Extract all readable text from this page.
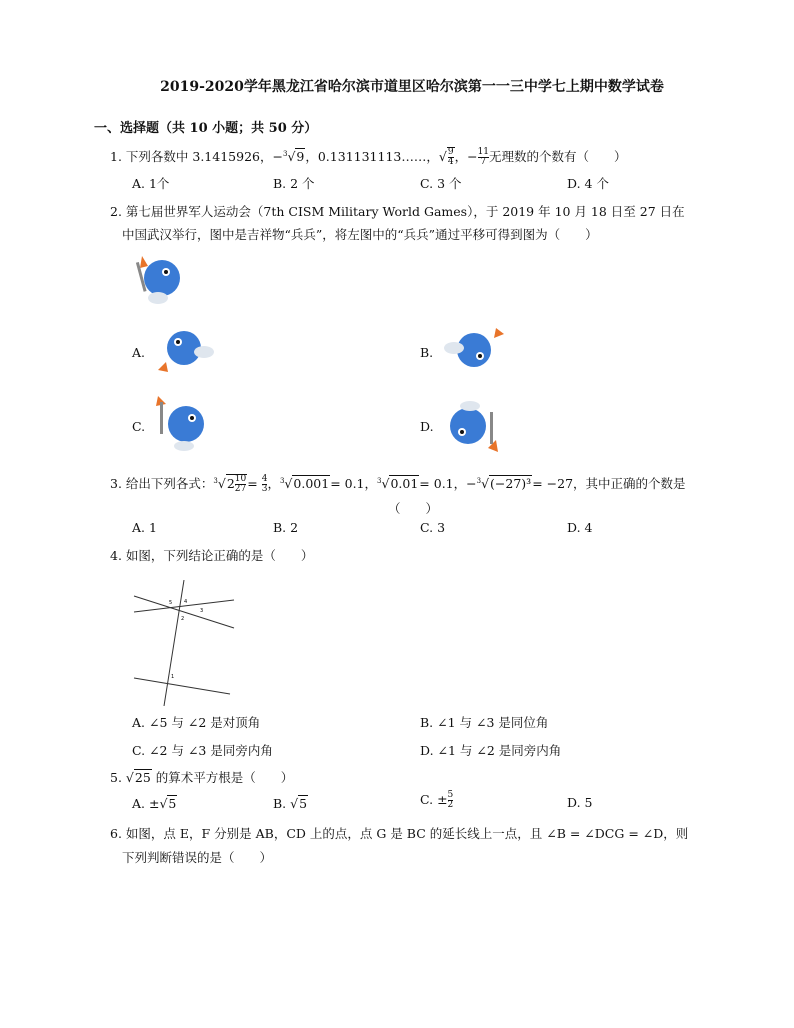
2019-2020学年黑龙江省哈尔滨市道里区哈尔滨第一一三中学七上期中数学试卷
一、选择题（共 10 小题；共 50 分）
1. 下列各数中 3.1415926，−$^3$√9，0.131131113……，√ $\frac{9}{4}$ ，− $\frac{11}{7}$ 无理数的个数有（　　）
A. 1个	B. 2 个	C. 3 个	D. 4 个
2. 第七届世界军人运动会（7th CISM Military World Games），于 2019 年 10 月 18 日至 27 日在
中国武汉举行，图中是吉祥物“兵兵”，将左图中的“兵兵”通过平移可得到图为（　　）
A.	B.
C.	D.
3. 给出下列各式：$^3√2 \frac{10}{27} = \frac{4}{3}$ ，$^3$√0.001= 0.1，$^3$√0.01= 0.1，−$^3$√(−27)³= −27，其中正确的个数是
（　　）
A. 1	B. 2	C. 3	D. 4
4. 如图，下列结论正确的是（　　）
5 4
3
2
1
A. ∠5 与 ∠2 是对顶角	B. ∠1 与 ∠3 是同位角
C. ∠2 与 ∠3 是同旁内角	D. ∠1 与 ∠2 是同旁内角
5. √25 的算术平方根是（　　）
A. ±√5	B. √5	C. ± $\frac{5}{2}$	D. 5
6. 如图，点 E，F 分别是 AB，CD 上的点，点 G 是 BC 的延长线上一点，且 ∠B = ∠DCG = ∠D，则
下列判断错误的是（　　）
